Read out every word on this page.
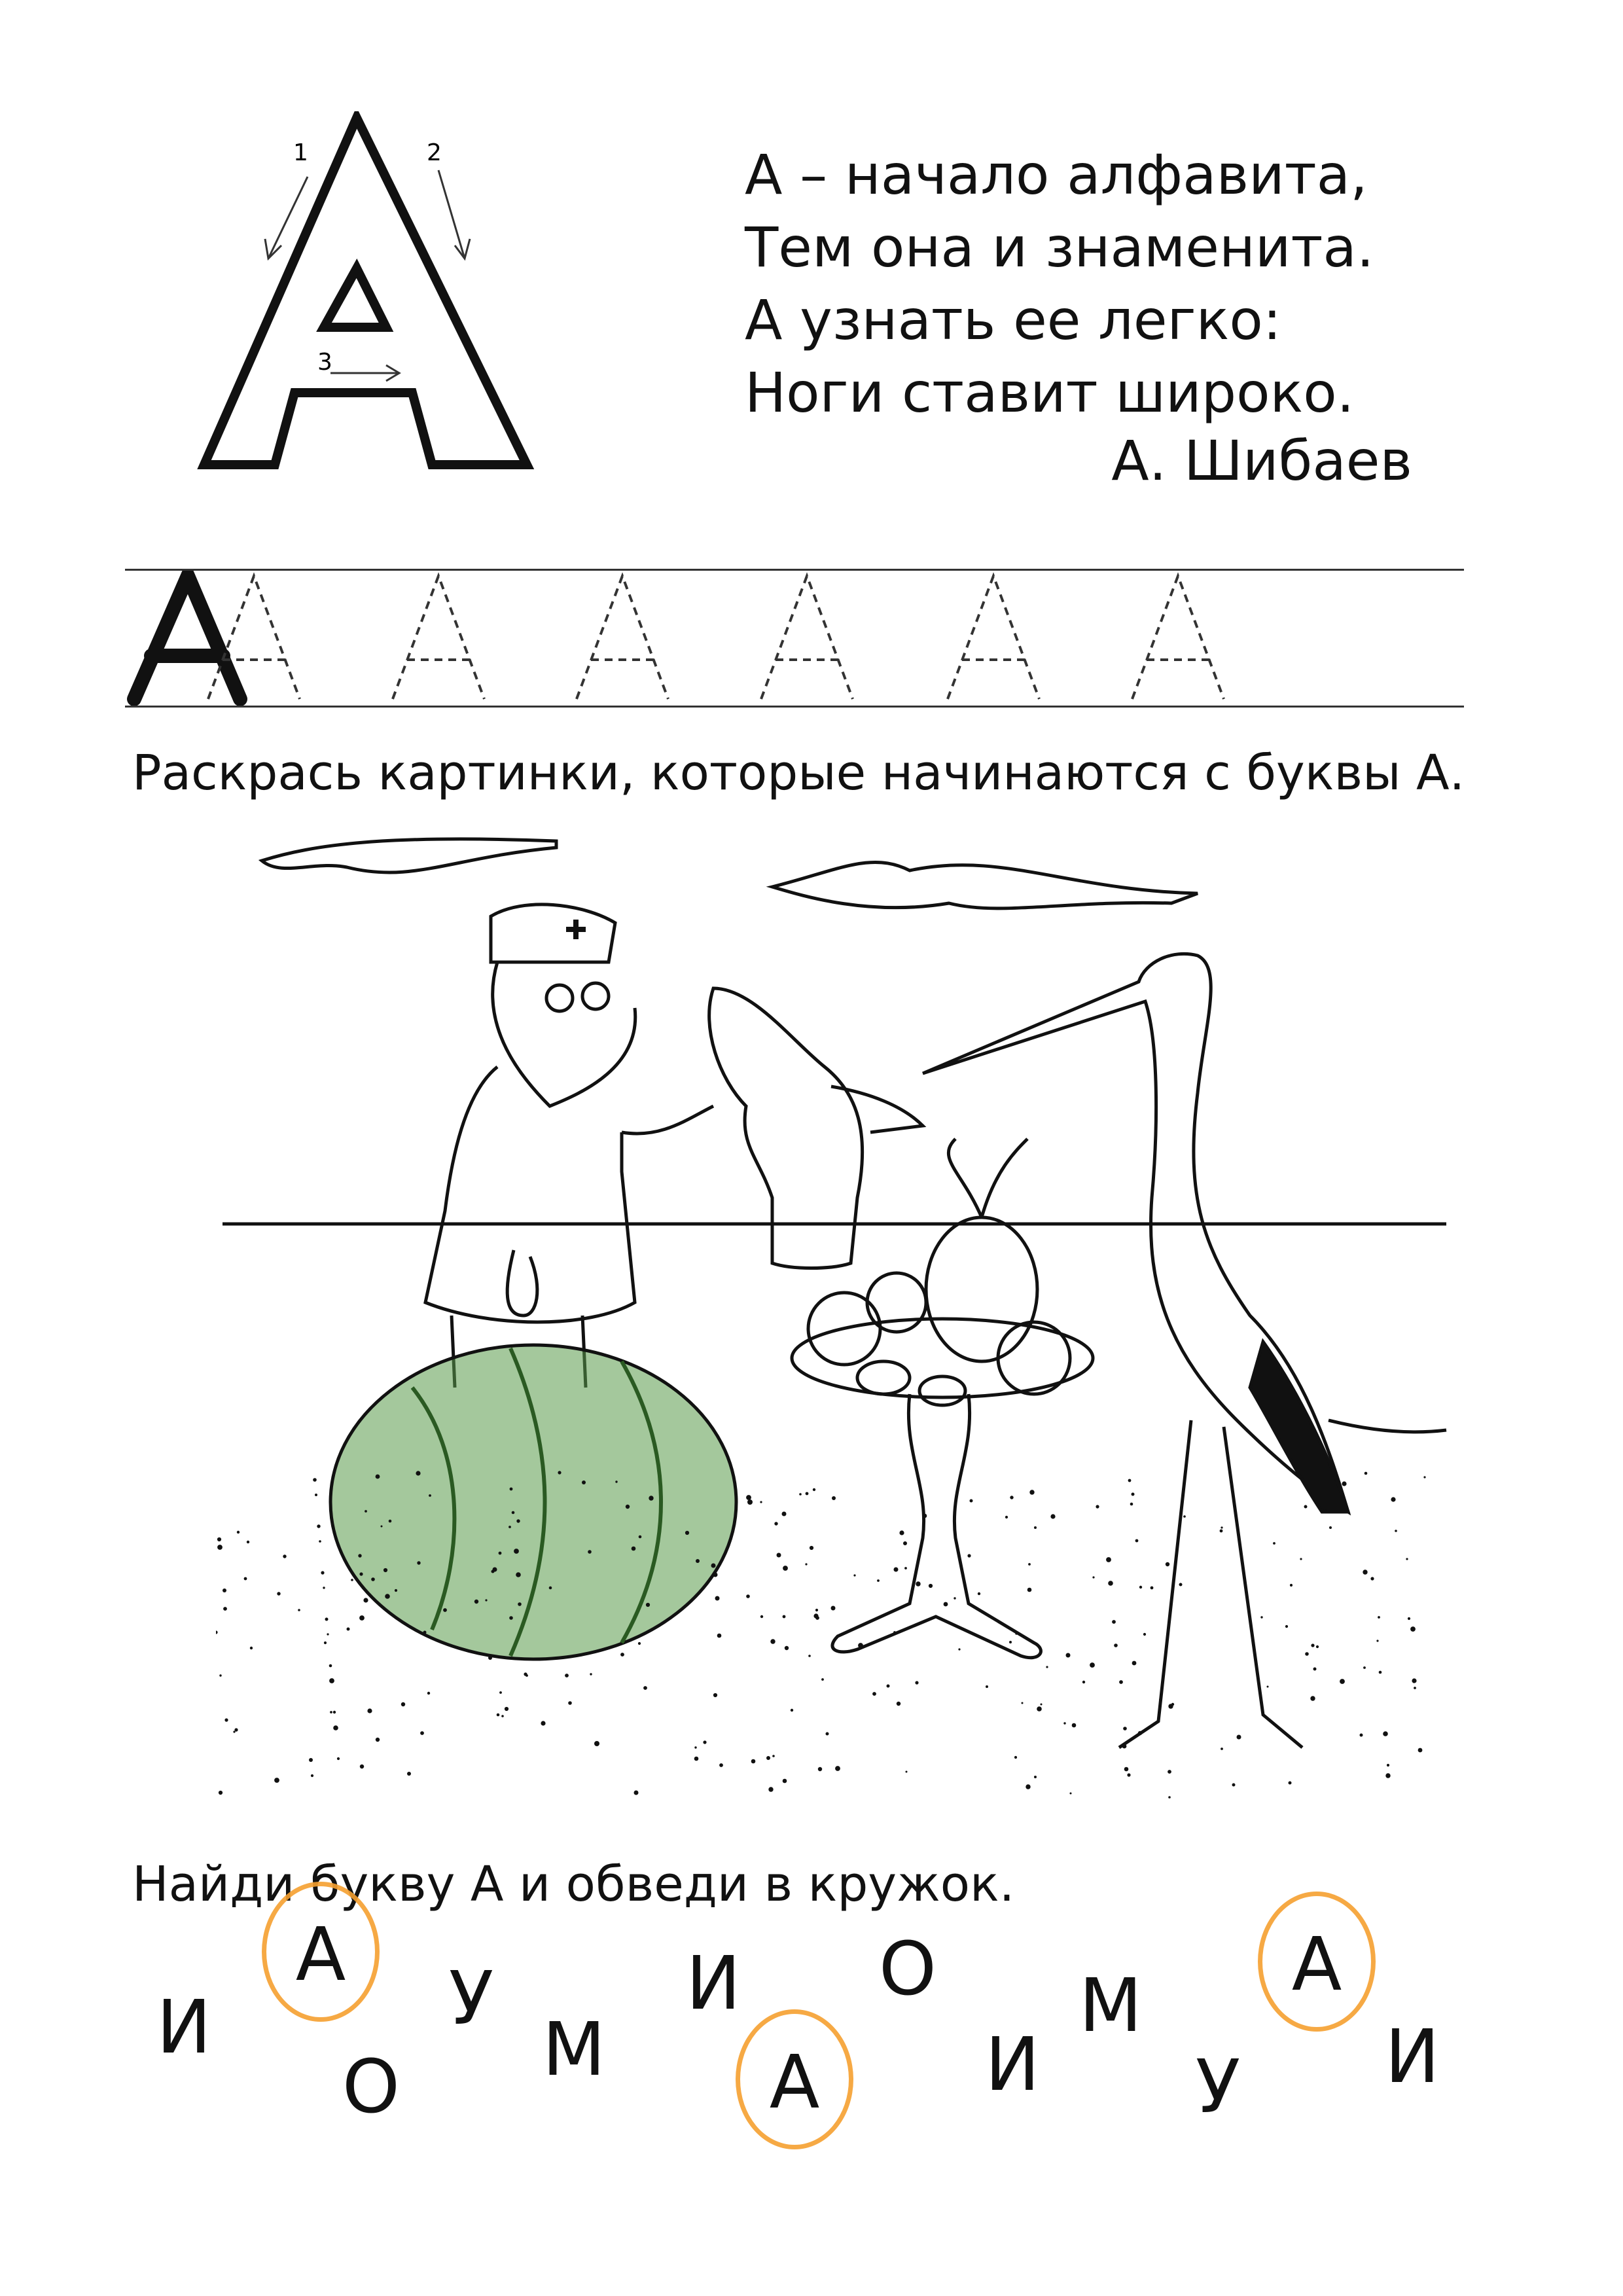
1	2
3
А – начало алфавита,
Тем она и знаменита.
А узнать ее легко:
Ноги ставит широко.
А. Шибаев
Раскрась картинки, которые начинаются с буквы А.
Найди букву А и обведи в кружок.
И
А
У
О М
И О
А И
М
У
А
И
